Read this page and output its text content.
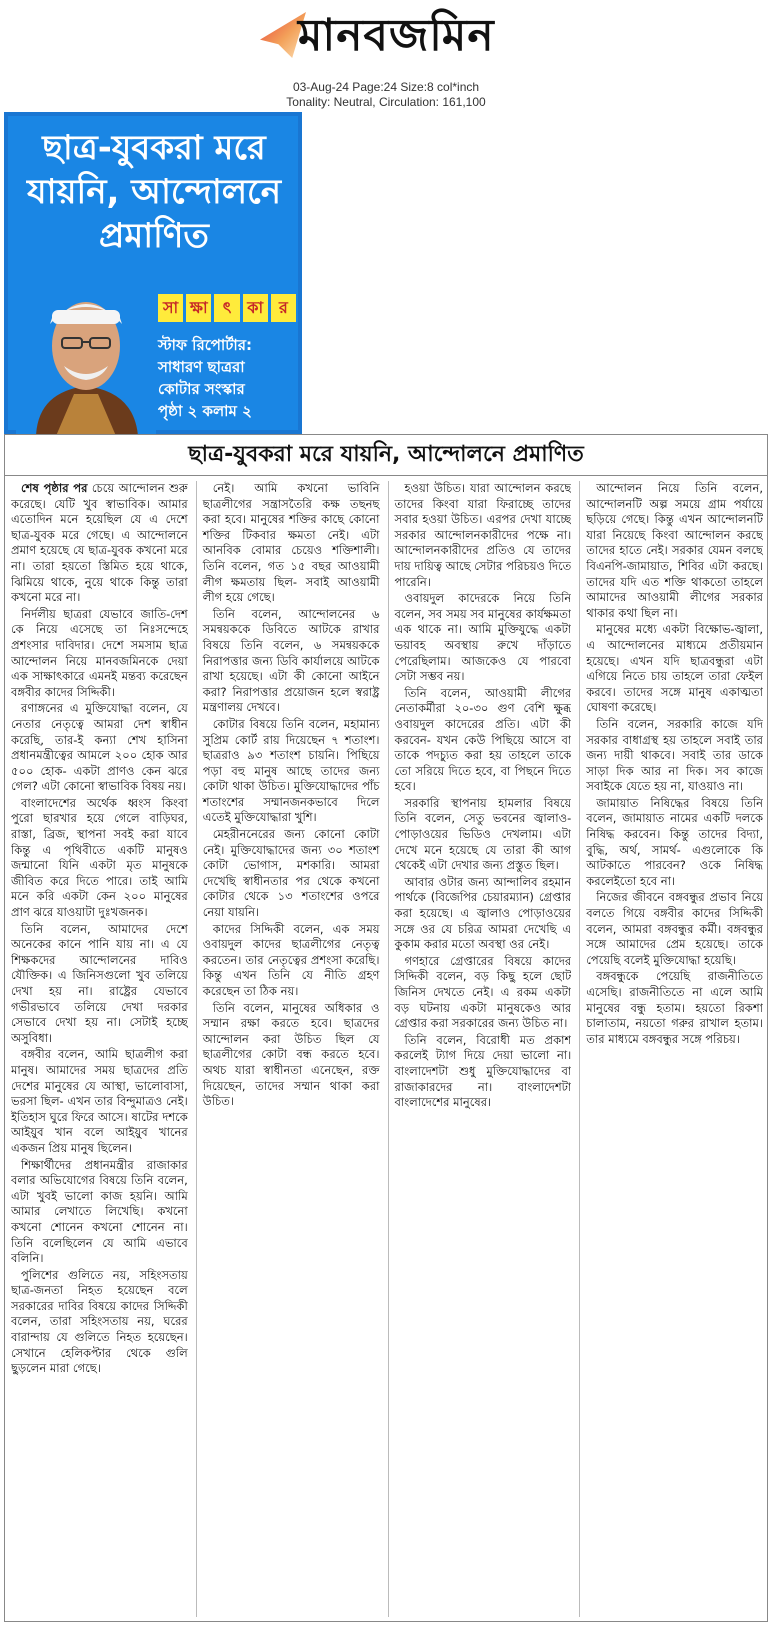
মানবজমিন
03-Aug-24 Page:24 Size:8 col*inch
Tonality: Neutral, Circulation: 161,100
ছাত্র-যুবকরা মরে যায়নি, আন্দোলনে প্রমাণিত
সা ক্ষা ৎ	কা র
স্টাফ রিপোর্টার:
সাধারণ ছাত্ররা
কোটার সংস্কার
পৃষ্ঠা ২ কলাম ২
ছাত্র-যুবকরা মরে যায়নি, আন্দোলনে প্রমাণিত

শেষ পৃষ্ঠার পর চেয়ে আন্দোলন শুরু করেছে। যেটি খুব স্বাভাবিক। আমার এতোদিন মনে হয়েছিল যে এ দেশে ছাত্র-যুবক মরে গেছে। এ আন্দোলনে প্রমাণ হয়েছে যে ছাত্র-যুবক কখনো মরে না। তারা হয়তো স্তিমিত হয়ে থাকে, ঝিমিয়ে থাকে, নুয়ে থাকে কিন্তু তারা কখনো মরে না।

নির্দলীয় ছাত্ররা যেভাবে জাতি-দেশ কে নিয়ে এসেছে তা নিঃসন্দেহে প্রশংসার দাবিদার। দেশে সমসাম ছাত্র আন্দোলন নিয়ে মানবজমিনকে দেয়া এক সাক্ষাৎকারে এমনই মন্তব্য করেছেন বঙ্গবীর কাদের সিদ্দিকী।

রণাঙ্গনের এ মুক্তিযোদ্ধা বলেন, যে নেতার নেতৃত্বে আমরা দেশ স্বাধীন করেছি, তার-ই কন্যা শেখ হাসিনা প্রধানমন্ত্রীত্বের আমলে ২০০ হোক আর ৫০০ হোক- একটা প্রাণও কেন ঝরে গেল? এটা কোনো স্বাভাবিক বিষয় নয়।

বাংলাদেশের অর্থেক ধ্বংস কিংবা পুরো ছারখার হয়ে গেলে বাড়িঘর, রাস্তা, ব্রিজ, স্থাপনা সবই করা যাবে কিন্তু এ পৃথিবীতে একটি মানুষও জন্মানো যিনি একটা মৃত মানুষকে জীবিত করে দিতে পারে। তাই আমি মনে করি একটা কেন ২০০ মানুষের প্রাণ ঝরে যাওয়াটা দুঃখজনক।

তিনি বলেন, আমাদের দেশে অনেকের কানে পানি যায় না। এ যে শিক্ষকদের আন্দোলনের দাবিও যৌক্তিক। এ জিনিসগুলো খুব তলিয়ে দেখা হয় না। রাষ্ট্রের যেভাবে গভীরভাবে তলিয়ে দেখা দরকার সেভাবে দেখা হয় না। সেটাই হচ্ছে অসুবিধা।

বঙ্গবীর বলেন, আমি ছাত্রলীগ করা মানুষ। আমাদের সময় ছাত্রদের প্রতি দেশের মানুষের যে আস্থা, ভালোবাসা, ভরসা ছিল- এখন তার বিন্দুমাত্রও নেই। ইতিহাস ঘুরে ফিরে আসে। ষাটের দশকে আইয়ুব খান বলে আইয়ুব খানের একজন প্রিয় মানুষ ছিলেন।

শিক্ষার্থীদের প্রধানমন্ত্রীর রাজাকার বলার অভিযোগের বিষয়ে তিনি বলেন, এটা খুবই ভালো কাজ হয়নি। আমি আমার লেখাতে লিখেছি। কখনো কখনো শোনেন কখনো শোনেন না। তিনি বলেছিলেন যে আমি এভাবে বলিনি।

পুলিশের গুলিতে নয়, সহিংসতায় ছাত্র-জনতা নিহত হয়েছেন বলে সরকারের দাবির বিষয়ে কাদের সিদ্দিকী বলেন, তারা সহিংসতায় নয়, ঘরের বারান্দায় যে গুলিতে নিহত হয়েছেন। সেখানে হেলিকপ্টার থেকে গুলি ছুড়লেন মারা গেছে।

নেই। আমি কখনো ভাবিনি ছাত্রলীগের সন্ত্রাসতৈরি কক্ষ তছনছ করা হবে। মানুষের শক্তির কাছে কোনো শক্তির টিকবার ক্ষমতা নেই। এটা আনবিক বোমার চেয়েও শক্তিশালী। তিনি বলেন, গত ১৫ বছর আওয়ামী লীগ ক্ষমতায় ছিল- সবাই আওয়ামী লীগ হয়ে গেছে।

তিনি বলেন, আন্দোলনের ৬ সমন্বয়ককে ডিবিতে আটকে রাখার বিষয়ে তিনি বলেন, ৬ সমন্বয়ককে নিরাপত্তার জন্য ডিবি কার্যালয়ে আটকে রাখা হয়েছে। এটা কী কোনো আইনে করা? নিরাপত্তার প্রয়োজন হলে স্বরাষ্ট্র মন্ত্রণালয় দেখবে।

কোটার বিষয়ে তিনি বলেন, মহামান্য সুপ্রিম কোর্ট রায় দিয়েছেন ৭ শতাংশ। ছাত্ররাও ৯৩ শতাংশ চায়নি। পিছিয়ে পড়া বহু মানুষ আছে তাদের জন্য কোটা থাকা উচিত। মুক্তিযোদ্ধাদের পাঁচ শতাংশের সম্মানজনকভাবে দিলে এতেই মুক্তিযোদ্ধারা খুশি।

মেহরীননেরের জন্য কোনো কোটা নেই। মুক্তিযোদ্ধাদের জন্য ৩০ শতাংশ কোটা ভোগাস, মশকারি। আমরা দেখেছি স্বাধীনতার পর থেকে কখনো কোটার থেকে ১৩ শতাংশের ওপরে নেয়া যায়নি।

কাদের সিদ্দিকী বলেন, এক সময় ওবায়দুল কাদের ছাত্রলীগের নেতৃত্ব করতেন। তার নেতৃত্বের প্রশংসা করেছি। কিন্তু এখন তিনি যে নীতি গ্রহণ করেছেন তা ঠিক নয়।

তিনি বলেন, মানুষের অধিকার ও সম্মান রক্ষা করতে হবে। ছাত্রদের আন্দোলন করা উচিত ছিল যে ছাত্রলীগের কোটা বন্ধ করতে হবে। অথচ যারা স্বাধীনতা এনেছেন, রক্ত দিয়েছেন, তাদের সম্মান থাকা করা উচিত।

হওয়া উচিত। যারা আন্দোলন করছে তাদের কিংবা যারা ফিরাচ্ছে তাদের সবার হওয়া উচিত। এরপর দেখা যাচ্ছে সরকার আন্দোলনকারীদের পক্ষে না। আন্দোলনকারীদের প্রতিও যে তাদের দায় দায়িত্ব আছে সেটার পরিচয়ও দিতে পারেনি।

ওবায়দুল কাদেরকে নিয়ে তিনি বলেন, সব সময় সব মানুষের কার্যক্ষমতা এক থাকে না। আমি মুক্তিযুদ্ধে একটা ভয়াবহ অবস্থায় রুখে দাঁড়াতে পেরেছিলাম। আজকেও যে পারবো সেটা সম্ভব নয়।

তিনি বলেন, আওয়ামী লীগের নেতাকর্মীরা ২০-৩০ গুণ বেশি ক্ষুব্ধ ওবায়দুল কাদেরের প্রতি। এটা কী করবেন- যখন কেউ পিছিয়ে আসে বা তাকে পদচ্যুত করা হয় তাহলে তাকে তো সরিয়ে দিতে হবে, বা পিছনে দিতে হবে।

সরকারি স্থাপনায় হামলার বিষয়ে তিনি বলেন, সেতু ভবনের জ্বালাও-পোড়াওয়ের ভিডিও দেখলাম। এটা দেখে মনে হয়েছে যে তারা কী আগ থেকেই এটা দেখার জন্য প্রস্তুত ছিল।

আবার ওটার জন্য আন্দালিব রহমান পার্থকে (বিজেপির চেয়ারম্যান) গ্রেপ্তার করা হয়েছে। এ জ্বালাও পোড়াওয়ের সঙ্গে ওর যে চরিত্র আমরা দেখেছি এ কুকাম করার মতো অবস্থা ওর নেই।

গণহারে গ্রেপ্তারের বিষয়ে কাদের সিদ্দিকী বলেন, বড় কিছু হলে ছোট জিনিস দেখতে নেই। এ রকম একটা বড় ঘটনায় একটা মানুষকেও আর গ্রেপ্তার করা সরকারের জন্য উচিত না।

তিনি বলেন, বিরোধী মত প্রকাশ করলেই ট্যাগ দিয়ে দেয়া ভালো না। বাংলাদেশটা শুধু মুক্তিযোদ্ধাদের বা রাজাকারদের না। বাংলাদেশটা বাংলাদেশের মানুষের।

আন্দোলন নিয়ে তিনি বলেন, আন্দোলনটি অল্প সময়ে গ্রাম পর্যায়ে ছড়িয়ে গেছে। কিন্তু এখন আন্দোলনটি যারা নিয়েছে কিংবা আন্দোলন করছে তাদের হাতে নেই। সরকার যেমন বলছে বিএনপি-জামায়াত, শিবির এটা করছে। তাদের যদি এত শক্তি থাকতো তাহলে আমাদের আওয়ামী লীগের সরকার থাকার কথা ছিল না।

মানুষের মধ্যে একটা বিক্ষোভ-জ্বালা, এ আন্দোলনের মাধ্যমে প্রতীয়মান হয়েছে। এখন যদি ছাত্রবন্ধুরা এটা এগিয়ে নিতে চায় তাহলে তারা ফেইল করবে। তাদের সঙ্গে মানুষ একাত্মতা ঘোষণা করেছে।

তিনি বলেন, সরকারি কাজে যদি সরকার বাধাগ্রস্থ হয় তাহলে সবাই তার জন্য দায়ী থাকবে। সবাই তার ডাকে সাড়া দিক আর না দিক। সব কাজে সবাইকে যেতে হয় না, যাওয়াও না।

জামায়াত নিষিদ্ধের বিষয়ে তিনি বলেন, জামায়াত নামের একটি দলকে নিষিদ্ধ করবেন। কিন্তু তাদের বিদ্যা, বুদ্ধি, অর্থ, সামর্থ- এগুলোকে কি আটকাতে পারবেন? ওকে নিষিদ্ধ করলেইতো হবে না।

নিজের জীবনে বঙ্গবন্ধুর প্রভাব নিয়ে বলতে গিয়ে বঙ্গবীর কাদের সিদ্দিকী বলেন, আমরা বঙ্গবন্ধুর কর্মী। বঙ্গবন্ধুর সঙ্গে আমাদের প্রেম হয়েছে। তাকে পেয়েছি বলেই মুক্তিযোদ্ধা হয়েছি।

বঙ্গবন্ধুকে পেয়েছি রাজনীতিতে এসেছি। রাজনীতিতে না এলে আমি মানুষের বন্ধু হতাম। হয়তো রিকশা চালাতাম, নয়তো গরুর রাখাল হতাম। তার মাধ্যমে বঙ্গবন্ধুর সঙ্গে পরিচয়।
